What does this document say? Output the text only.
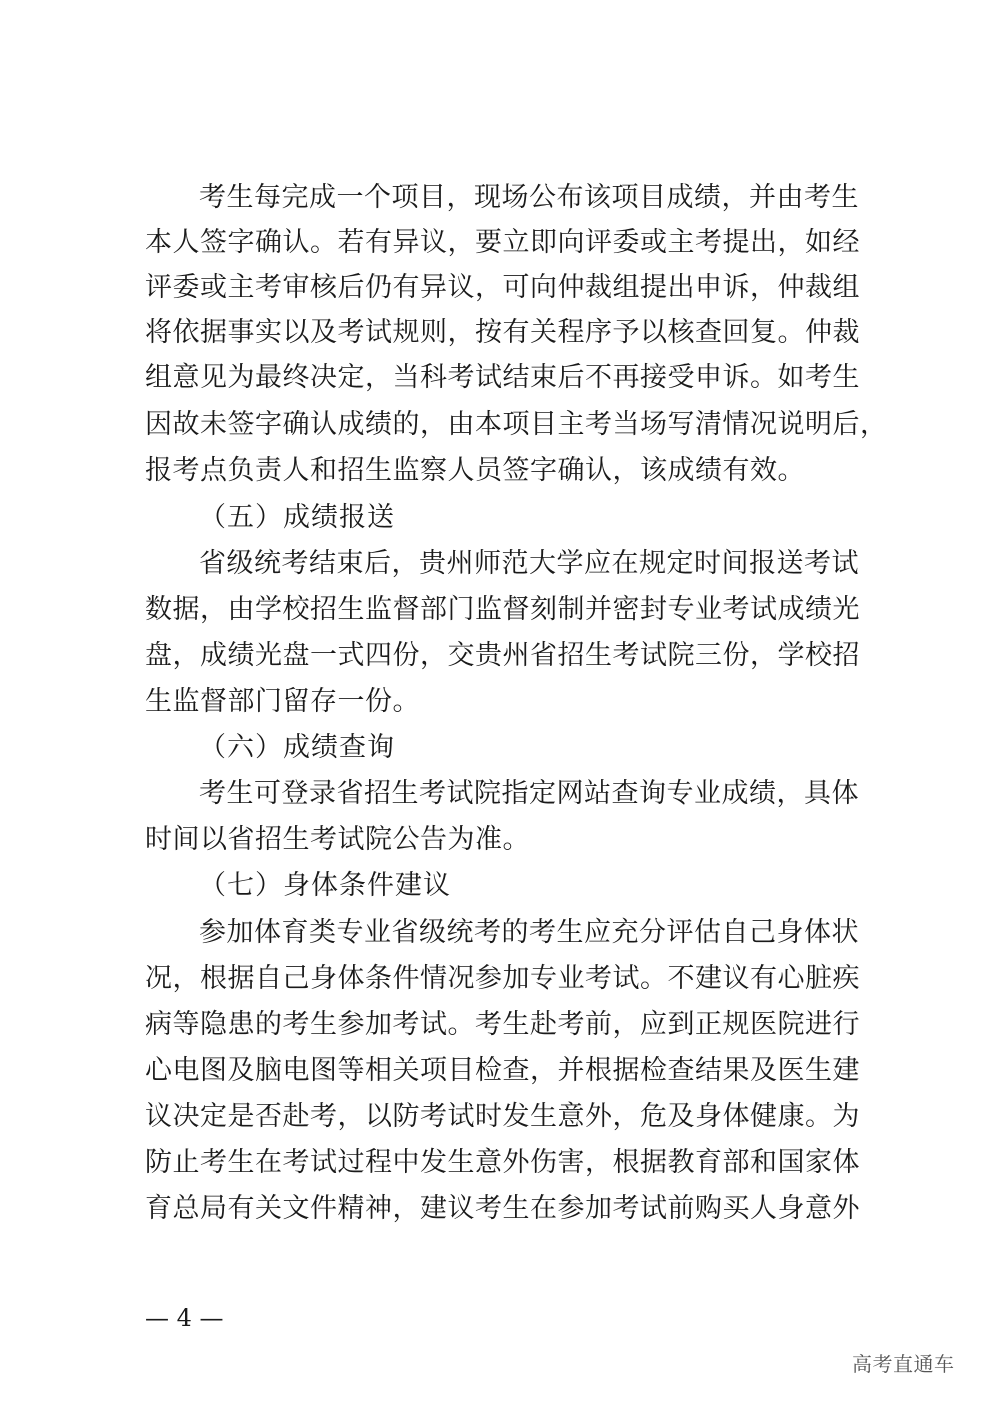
考生每完成一个项目，现场公布该项目成绩，并由考生
本人签字确认。若有异议，要立即向评委或主考提出，如经
评委或主考审核后仍有异议，可向仲裁组提出申诉，仲裁组
将依据事实以及考试规则，按有关程序予以核查回复。仲裁
组意见为最终决定，当科考试结束后不再接受申诉。如考生
因故未签字确认成绩的，由本项目主考当场写清情况说明后，
报考点负责人和招生监察人员签字确认，该成绩有效。
（五）成绩报送
省级统考结束后，贵州师范大学应在规定时间报送考试
数据，由学校招生监督部门监督刻制并密封专业考试成绩光
盘，成绩光盘一式四份，交贵州省招生考试院三份，学校招
生监督部门留存一份。
（六）成绩查询
考生可登录省招生考试院指定网站查询专业成绩，具体
时间以省招生考试院公告为准。
（七）身体条件建议
参加体育类专业省级统考的考生应充分评估自己身体状
况，根据自己身体条件情况参加专业考试。不建议有心脏疾
病等隐患的考生参加考试。考生赴考前，应到正规医院进行
心电图及脑电图等相关项目检查，并根据检查结果及医生建
议决定是否赴考，以防考试时发生意外，危及身体健康。为
防止考生在考试过程中发生意外伤害，根据教育部和国家体
育总局有关文件精神，建议考生在参加考试前购买人身意外
— 4 —
高考直通车
